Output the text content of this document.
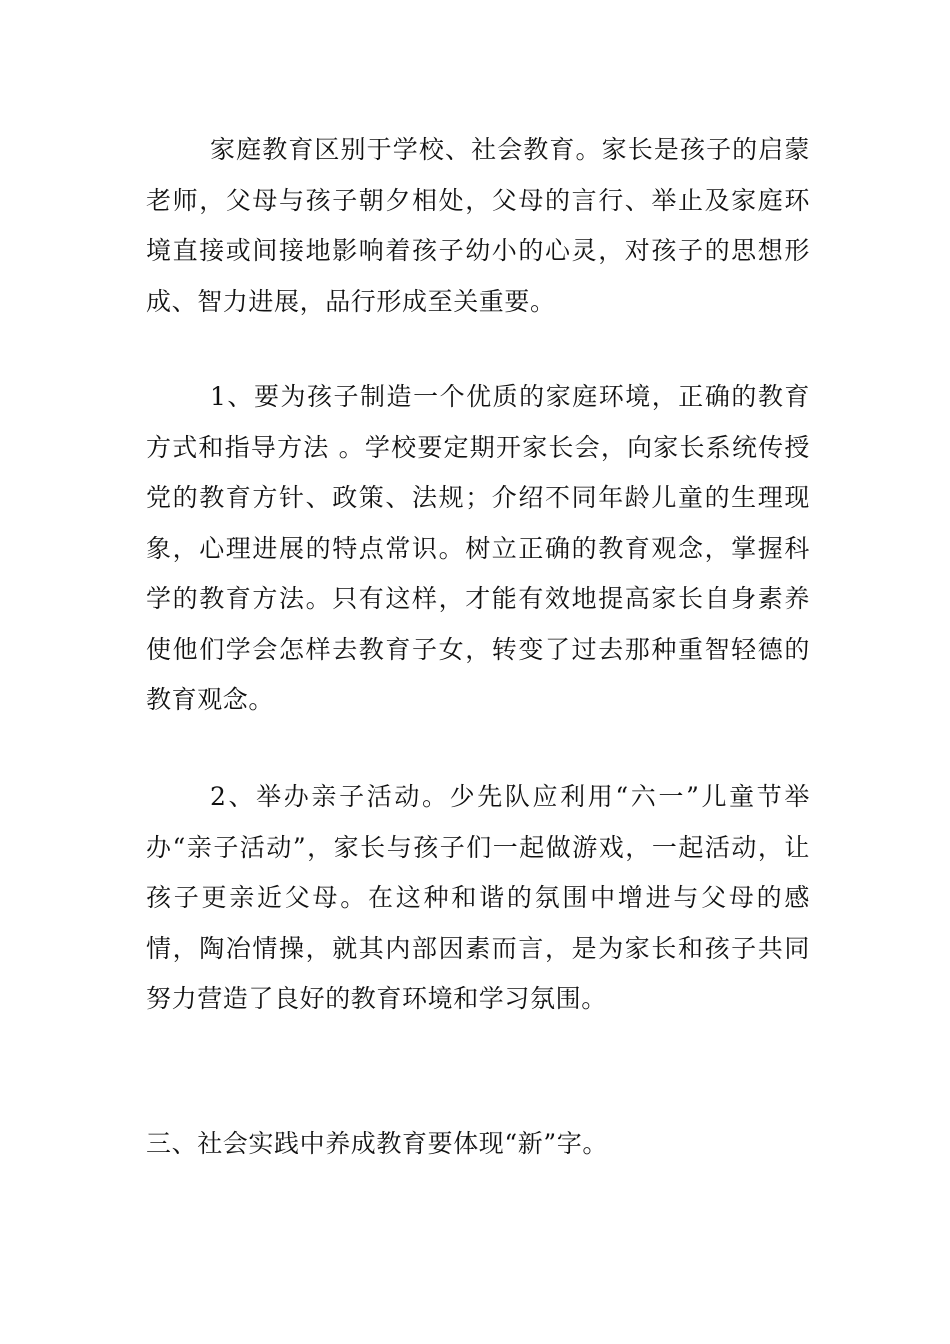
家庭教育区别于学校、社会教育。家长是孩子的启蒙老师，父母与孩子朝夕相处，父母的言行、举止及家庭环境直接或间接地影响着孩子幼小的心灵，对孩子的思想形成、智力进展，品行形成至关重要。

1、要为孩子制造一个优质的家庭环境，正确的教育方式和指导方法 。学校要定期开家长会，向家长系统传授党的教育方针、政策、法规；介绍不同年龄儿童的生理现象，心理进展的特点常识。树立正确的教育观念，掌握科学的教育方法。只有这样，才能有效地提高家长自身素养使他们学会怎样去教育子女，转变了过去那种重智轻德的教育观念。

2、举办亲子活动。少先队应利用“六一”儿童节举办“亲子活动”，家长与孩子们一起做游戏，一起活动，让孩子更亲近父母。在这种和谐的氛围中增进与父母的感情，陶冶情操，就其内部因素而言，是为家长和孩子共同努力营造了良好的教育环境和学习氛围。

三、社会实践中养成教育要体现“新”字。
